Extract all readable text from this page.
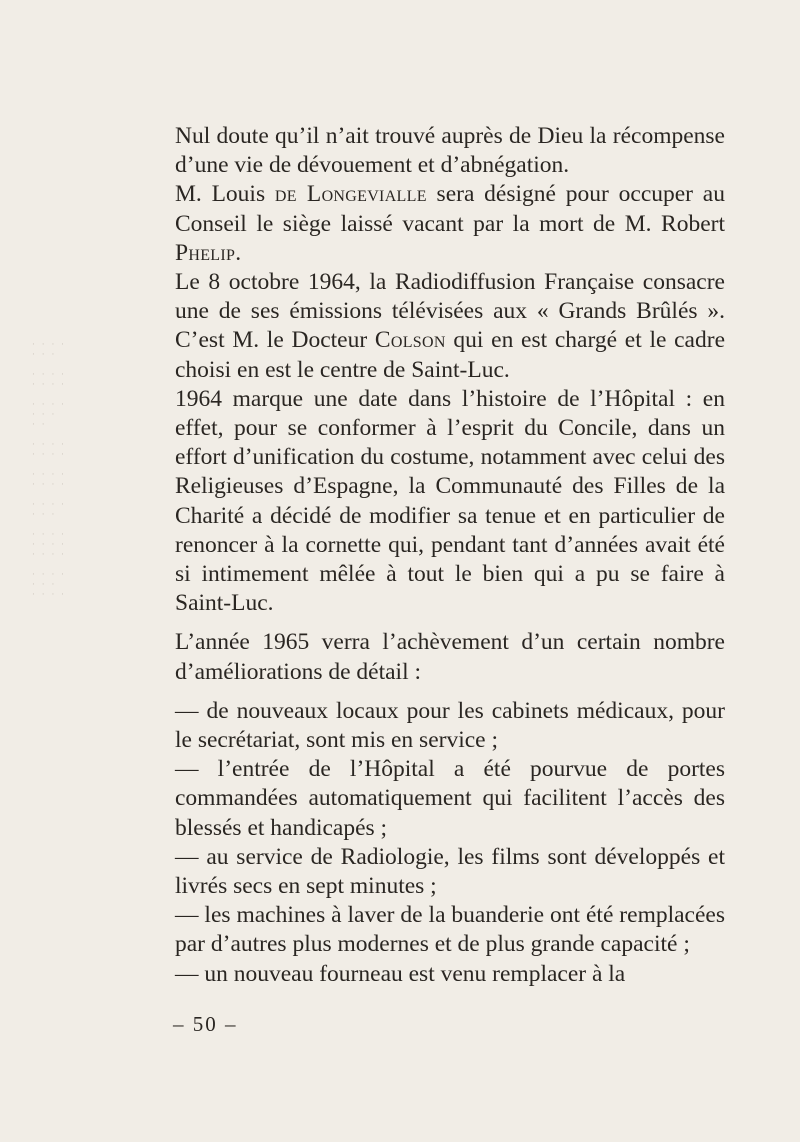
· · · ·
· · ·

· · · ·
· · · ·

· · · ·
· · ·
· ·

· · · ·
· · · ·

· · · ·
· · · ·

· · · ·
· · ·

· · · ·
· · · ·
· · · ·

· · · ·
· · ·
· · · ·

Nul doute qu’il n’ait trouvé auprès de Dieu la récompense d’une vie de dévouement et d’abnégation.

M. Louis de Longevialle sera désigné pour occuper au Conseil le siège laissé vacant par la mort de M. Robert Phelip.

Le 8 octobre 1964, la Radiodiffusion Française consacre une de ses émissions télévisées aux « Grands Brûlés ». C’est M. le Docteur Colson qui en est chargé et le cadre choisi en est le centre de Saint-Luc.

1964 marque une date dans l’histoire de l’Hôpital : en effet, pour se conformer à l’esprit du Concile, dans un effort d’unification du costume, notamment avec celui des Religieuses d’Espagne, la Communauté des Filles de la Charité a décidé de modifier sa tenue et en particulier de renoncer à la cornette qui, pendant tant d’années avait été si intimement mêlée à tout le bien qui a pu se faire à Saint-Luc.

L’année 1965 verra l’achèvement d’un certain nombre d’améliorations de détail :

— de nouveaux locaux pour les cabinets médicaux, pour le secrétariat, sont mis en service ;

— l’entrée de l’Hôpital a été pourvue de portes commandées automatiquement qui facilitent l’accès des blessés et handicapés ;

— au service de Radiologie, les films sont développés et livrés secs en sept minutes ;

— les machines à laver de la buanderie ont été remplacées par d’autres plus modernes et de plus grande capacité ;

— un nouveau fourneau est venu remplacer à la

– 50 –
